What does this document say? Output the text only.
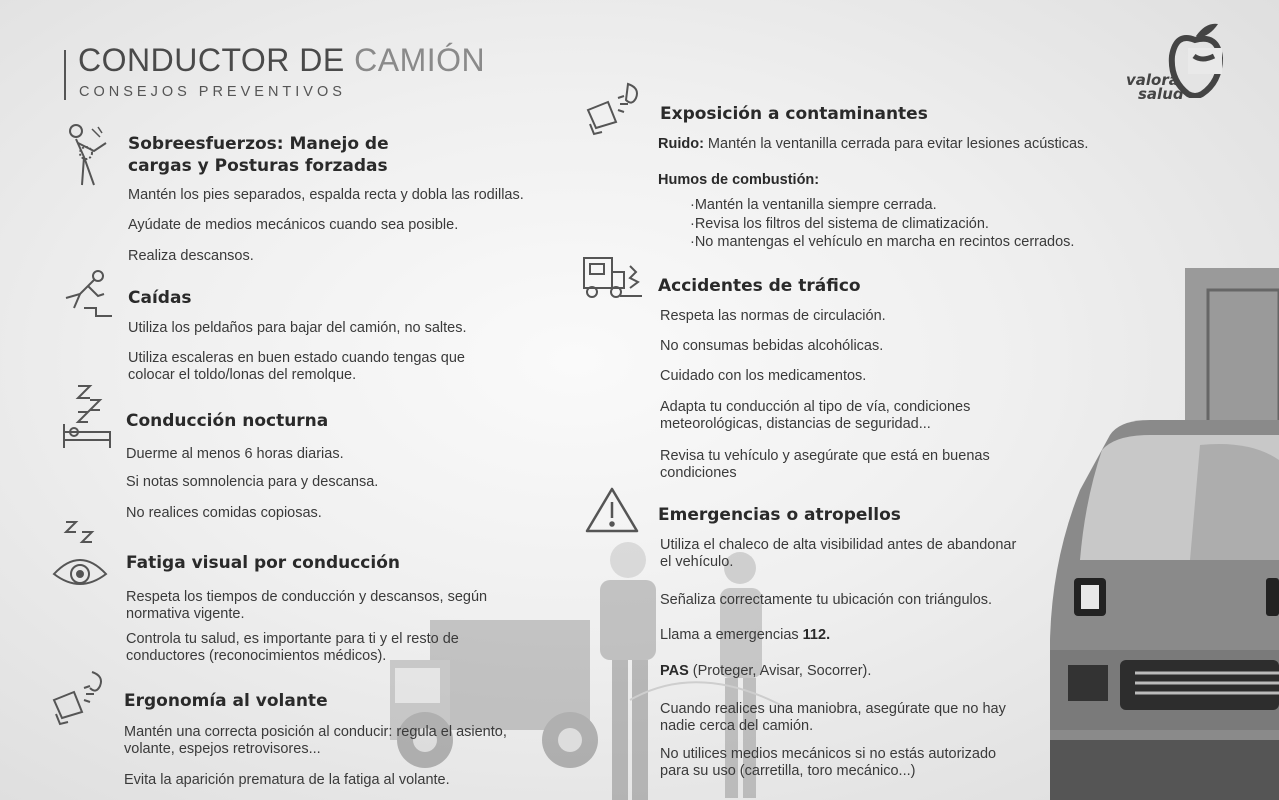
CONDUCTOR DE CAMIÓN
CONSEJOS PREVENTIVOS
valora
salud
Sobreesfuerzos: Manejo de
cargas y Posturas forzadas
Mantén los pies separados, espalda recta y dobla las rodillas.
Ayúdate de medios mecánicos cuando sea posible.
Realiza descansos.
Caídas
Utiliza los peldaños para bajar del camión, no saltes.
Utiliza escaleras en buen estado cuando tengas que
colocar el toldo/lonas del remolque.
Conducción nocturna
Duerme al menos 6 horas diarias.
Si notas somnolencia para y descansa.
No realices comidas copiosas.
Fatiga visual por conducción
Respeta los tiempos de conducción y descansos, según
normativa vigente.
Controla tu salud, es importante para ti y el resto de
conductores (reconocimientos médicos).
Ergonomía al volante
Mantén una correcta posición al conducir: regula el asiento,
volante, espejos retrovisores...
Evita la aparición prematura de la fatiga al volante.
Exposición a contaminantes
Ruido: Mantén la ventanilla cerrada para evitar lesiones acústicas.
Humos de combustión:
·Mantén la ventanilla siempre cerrada.
·Revisa los filtros del sistema de climatización.
·No mantengas el vehículo en marcha en recintos cerrados.
Accidentes de tráfico
Respeta las normas de circulación.
No consumas bebidas alcohólicas.
Cuidado con los medicamentos.
Adapta tu conducción al tipo de vía, condiciones
meteorológicas, distancias de seguridad...
Revisa tu vehículo y asegúrate que está en buenas
condiciones
Emergencias o atropellos
Utiliza el chaleco de alta visibilidad antes de abandonar
el vehículo.
Señaliza correctamente tu ubicación con triángulos.
Llama a emergencias 112.
PAS (Proteger, Avisar, Socorrer).
Cuando realices una maniobra, asegúrate que no hay
nadie cerca del camión.
No utilices medios mecánicos si no estás autorizado
para su uso (carretilla, toro mecánico...)
